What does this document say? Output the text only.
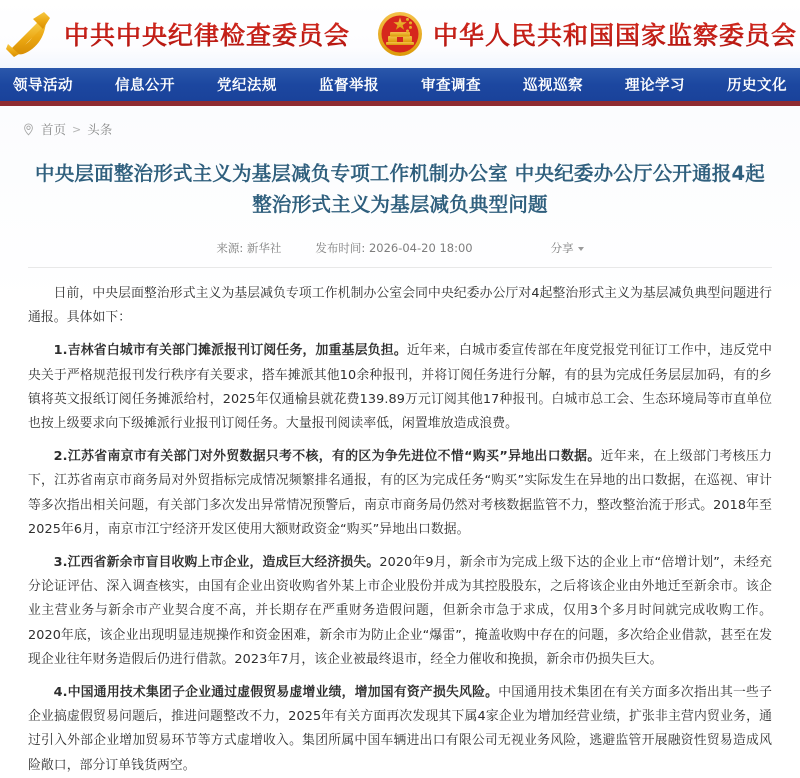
中共中央纪律检查委员会	中华人民共和国国家监察委员会
领导活动	信息公开	党纪法规	监督举报	审查调查	巡视巡察	理论学习	历史文化
首页 > 头条
中央层面整治形式主义为基层减负专项工作机制办公室 中央纪委办公厅公开通报4起整治形式主义为基层减负典型问题
来源: 新华社	发布时间: 2026-04-20 18:00	分享

日前，中央层面整治形式主义为基层减负专项工作机制办公室会同中央纪委办公厅对4起整治形式主义为基层减负典型问题进行通报。具体如下：

1.吉林省白城市有关部门摊派报刊订阅任务，加重基层负担。近年来，白城市委宣传部在年度党报党刊征订工作中，违反党中央关于严格规范报刊发行秩序有关要求，搭车摊派其他10余种报刊，并将订阅任务进行分解，有的县为完成任务层层加码，有的乡镇将英文报纸订阅任务摊派给村，2025年仅通榆县就花费139.89万元订阅其他17种报刊。白城市总工会、生态环境局等市直单位也按上级要求向下级摊派行业报刊订阅任务。大量报刊阅读率低，闲置堆放造成浪费。

2.江苏省南京市有关部门对外贸数据只考不核，有的区为争先进位不惜“购买”异地出口数据。近年来，在上级部门考核压力下，江苏省南京市商务局对外贸指标完成情况频繁排名通报，有的区为完成任务“购买”实际发生在异地的出口数据，在巡视、审计等多次指出相关问题，有关部门多次发出异常情况预警后，南京市商务局仍然对考核数据监管不力，整改整治流于形式。2018年至2025年6月，南京市江宁经济开发区使用大额财政资金“购买”异地出口数据。

3.江西省新余市盲目收购上市企业，造成巨大经济损失。2020年9月，新余市为完成上级下达的企业上市“倍增计划”，未经充分论证评估、深入调查核实，由国有企业出资收购省外某上市企业股份并成为其控股股东，之后将该企业由外地迁至新余市。该企业主营业务与新余市产业契合度不高，并长期存在严重财务造假问题，但新余市急于求成，仅用3个多月时间就完成收购工作。2020年底，该企业出现明显违规操作和资金困难，新余市为防止企业“爆雷”，掩盖收购中存在的问题，多次给企业借款，甚至在发现企业往年财务造假后仍进行借款。2023年7月，该企业被最终退市，经全力催收和挽损，新余市仍损失巨大。

4.中国通用技术集团子企业通过虚假贸易虚增业绩，增加国有资产损失风险。中国通用技术集团在有关方面多次指出其一些子企业搞虚假贸易问题后，推进问题整改不力，2025年有关方面再次发现其下属4家企业为增加经营业绩，扩张非主营内贸业务，通过引入外部企业增加贸易环节等方式虚增收入。集团所属中国车辆进出口有限公司无视业务风险，逃避监管开展融资性贸易造成风险敞口，部分订单钱货两空。
